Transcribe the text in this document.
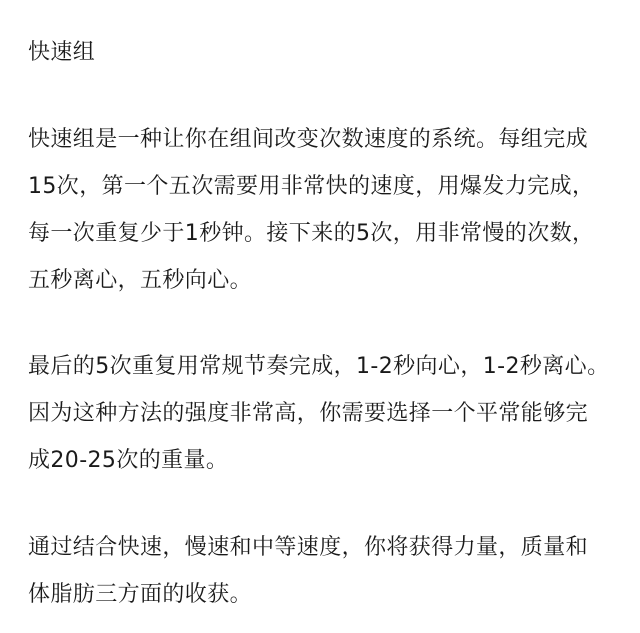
快速组
快速组是一种让你在组间改变次数速度的系统。每组完成
15次，第一个五次需要用非常快的速度，用爆发力完成，
每一次重复少于1秒钟。接下来的5次，用非常慢的次数，
五秒离心，五秒向心。
最后的5次重复用常规节奏完成，1-2秒向心，1-2秒离心。
因为这种方法的强度非常高，你需要选择一个平常能够完
成20-25次的重量。
通过结合快速，慢速和中等速度，你将获得力量，质量和
体脂肪三方面的收获。
